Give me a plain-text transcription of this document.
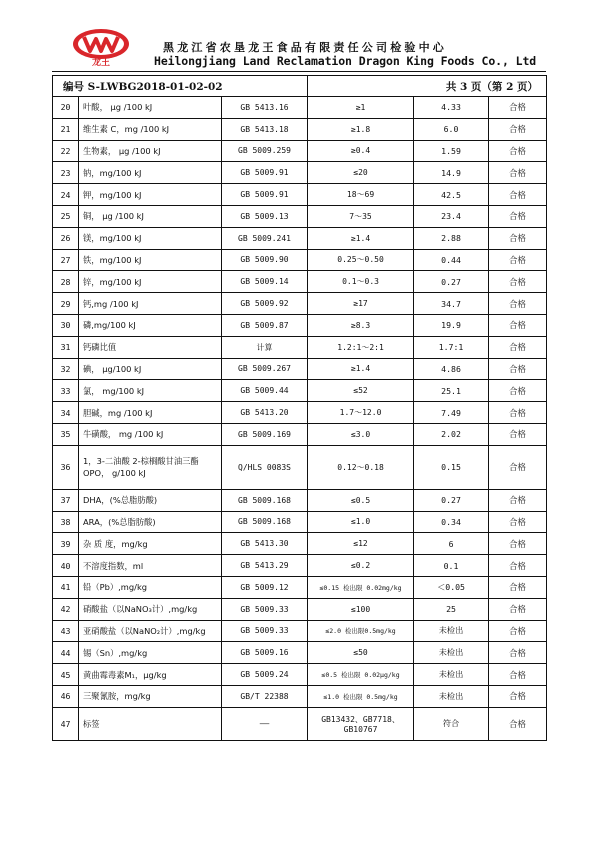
龙王
黑龙江省农垦龙王食品有限责任公司检验中心
Heilongjiang Land Reclamation Dragon King Foods Co., Ltd
编号 S-LWBG2018-01-02-02			共 3 页（第 2 页）		
20	叶酸， μg /100 kJ	GB 5413.16	≥1	4.33	合格
21	维生素 C，mg /100 kJ	GB 5413.18	≥1.8	6.0	合格
22	生物素， μg /100 kJ	GB 5009.259	≥0.4	1.59	合格
23	钠，mg/100 kJ	GB 5009.91	≤20	14.9	合格
24	钾，mg/100 kJ	GB 5009.91	18～69	42.5	合格
25	铜， μg /100 kJ	GB 5009.13	7～35	23.4	合格
26	镁，mg/100 kJ	GB 5009.241	≥1.4	2.88	合格
27	铁，mg/100 kJ	GB 5009.90	0.25～0.50	0.44	合格
28	锌，mg/100 kJ	GB 5009.14	0.1～0.3	0.27	合格
29	钙,mg /100 kJ	GB 5009.92	≥17	34.7	合格
30	磷,mg/100 kJ	GB 5009.87	≥8.3	19.9	合格
31	钙磷比值	计算	1.2:1～2:1	1.7:1	合格
32	碘， μg/100 kJ	GB 5009.267	≥1.4	4.86	合格
33	氯， mg/100 kJ	GB 5009.44	≤52	25.1	合格
34	胆碱，mg /100 kJ	GB 5413.20	1.7～12.0	7.49	合格
35	牛磺酸， mg /100 kJ	GB 5009.169	≤3.0	2.02	合格
36	1，3-二油酸 2-棕榈酸甘油三酯 OPO， g/100 kJ	Q/HLS 0083S	0.12～0.18	0.15	合格
37	DHA，(%总脂肪酸)	GB 5009.168	≤0.5	0.27	合格
38	ARA，(%总脂肪酸)	GB 5009.168	≤1.0	0.34	合格
39	杂 质 度，mg/kg	GB 5413.30	≤12	6	合格
40	不溶度指数，ml	GB 5413.29	≤0.2	0.1	合格
41	铅（Pb）,mg/kg	GB 5009.12	≤0.15 检出限 0.02mg/kg	＜0.05	合格
42	硝酸盐（以NaNO₃计）,mg/kg	GB 5009.33	≤100	25	合格
43	亚硝酸盐（以NaNO₂计）,mg/kg	GB 5009.33	≤2.0 检出限0.5mg/kg	未检出	合格
44	锡（Sn）,mg/kg	GB 5009.16	≤50	未检出	合格
45	黄曲霉毒素M₁，μg/kg	GB 5009.24	≤0.5 检出限 0.02μg/kg	未检出	合格
46	三聚氰胺，mg/kg	GB/T 22388	≤1.0 检出限 0.5mg/kg	未检出	合格
47	标签	——	GB13432、GB7718、GB10767	符合	合格
